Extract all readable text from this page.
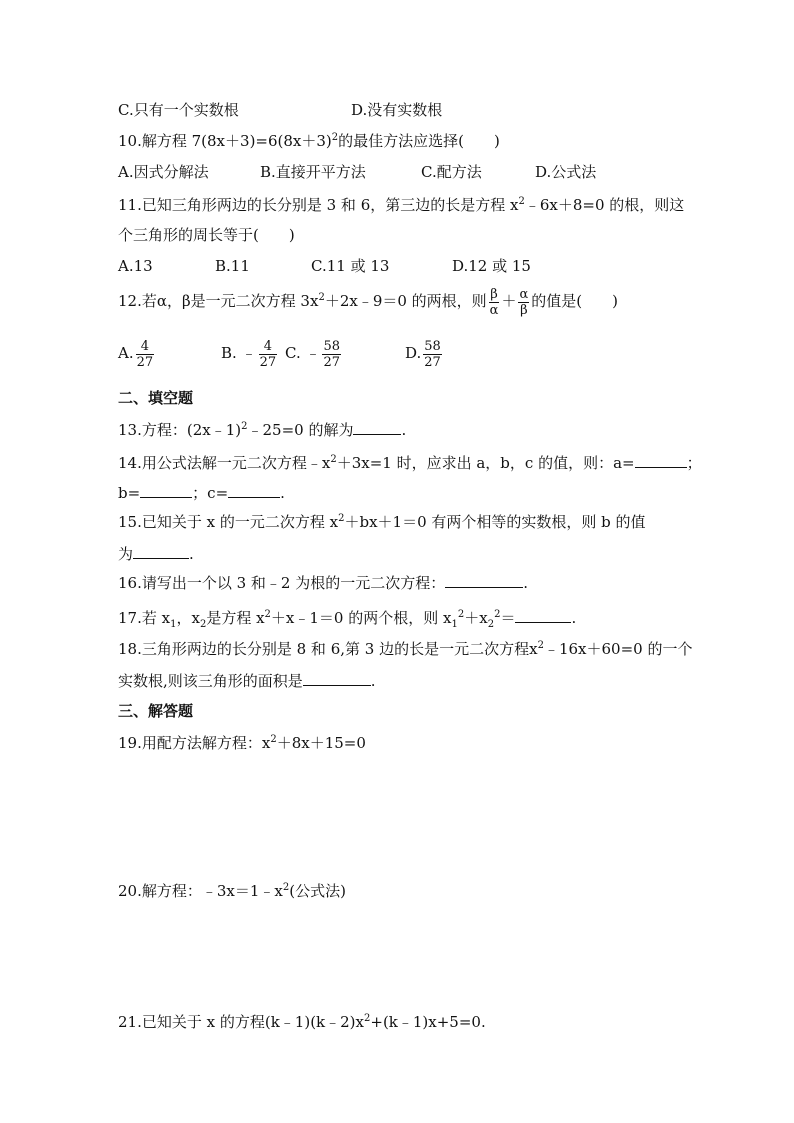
C.只有一个实数根	D.没有实数根
10.解方程 $7(8x+3)=6(8x+3)^2$的最佳方法应选择(　　)
A.因式分解法	B.直接开平方法	C.配方法	D.公式法
11.已知三角形两边的长分别是 3 和 6，第三边的长是方程 $x^2﹣6x+8=0$ 的根，则这
个三角形的周长等于(　　)
A.13	B.11	C.11 或 13	D.12 或 15
12.若α，β是一元二次方程 $3x^2+2x﹣9=0$ 的两根，则 $\frac{\beta}{\alpha} + \frac{\alpha}{\beta}$ 的值是(　　)
A. $\frac{4}{27}$	B. ﹣ $\frac{4}{27} C$. ﹣ $\frac{58}{27}$	D. $\frac{58}{27}$
二、填空题
13.方程：(2x﹣1)$^2$﹣25=0 的解为	.
14.用公式法解一元二次方程$﹣x^2+3x=1$ 时，应求出 a，b，c 的值，则：a=	；
b=	；c=	.
15.已知关于 x 的一元二次方程 $x^2+bx+1=0$ 有两个相等的实数根，则 b 的值
为	.
16.请写出一个以 3 和﹣2 为根的一元二次方程：	.
17.若 $x_1$，$x_2$是方程 $x^2+x﹣1=0$ 的两个根，则 $x_1^2+x_2^2=$	.
18.三角形两边的长分别是 8 和 6,第 3 边的长是一元二次方程$x^2﹣16x+60=0$ 的一个
实数根,则该三角形的面积是	.
三、解答题
19.用配方法解方程：$x^2+8x+15=0$
20.解方程：$﹣3x=1﹣x^2$(公式法)
21.已知关于 x 的方程$(k﹣1)(k﹣2)x^2+(k﹣1)x+5=0$.
